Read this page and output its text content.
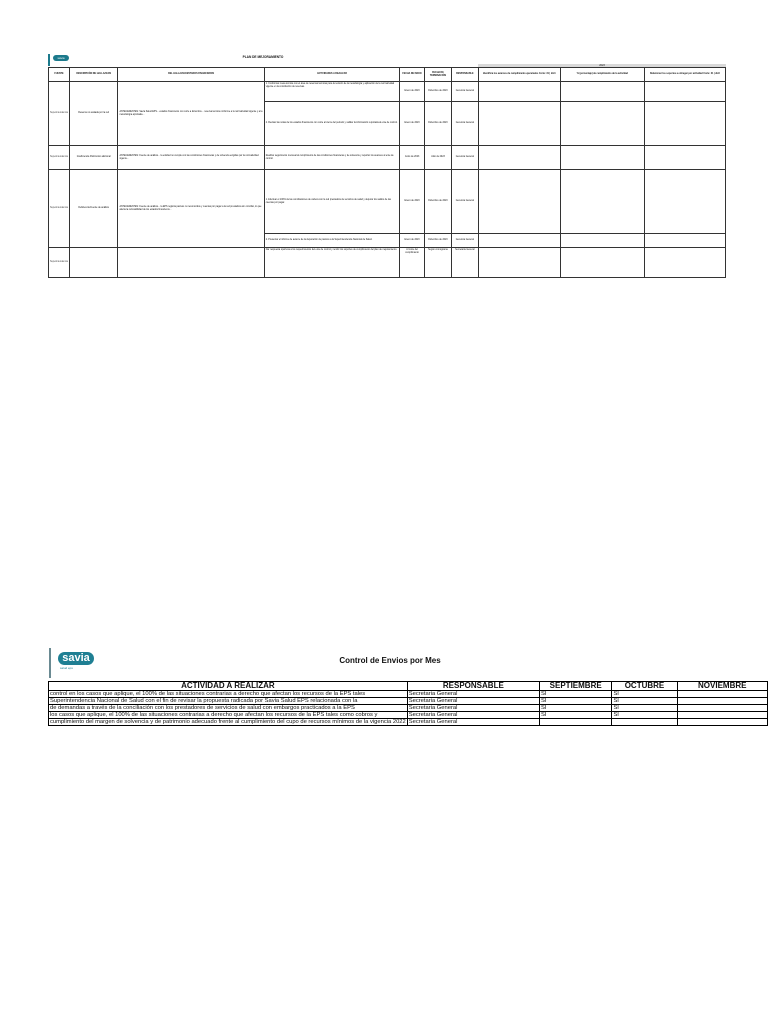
savia	PLAN DE MEJORAMIENTO
2023
FUENTE	DESCRIPCIÓN DE HALLAZGOS	DEL HALLAZGO/ESTADOS FINANCIEROS	ACTIVIDADES A REALIZAR	FECHA DE INICIO	FECHA DE TERMINACIÓN	RESPONSABLE	Identifica los avances de cumplimiento ejecutados Corte: 31 | dic/t	% (porcentaje) de cumplimiento de la actividad	Relacionar los soportes a entregar por actividad Corte: 31 | dic/t
Superintendencia	Reserva no avalada por la red	ANTECEDENTES: Savia Salud EPS... estados financieros con corte a diciembre... reserva técnica conforme a la normatividad vigente y a la metodología aprobada...	1. Conformar mesa técnica con el área de reservas técnicas para la revisión de la metodología y aplicación de la normatividad vigente en la constitución de reservas.	Enero de 2023	Diciembre de 2023	Gerencia General			
			2. Revisar las notas de los estados financieros con corte al cierre del periodo y validar la información reportada al ente de control.	Enero de 2023	Diciembre de 2023	Gerencia General			
Superintendencia	Insuficiencia Patrimonio adicional	ANTECEDENTES: Fuente de análisis... la entidad no cumple con las condiciones financieras y de solvencia exigidas por la normatividad vigente...	Realizar seguimiento mensual al cumplimiento de las condiciones financieras y de solvencia y reportar los avances al ente de control.	Junio de 2023	Julio de 2023	Gerencia General			
Superintendencia	Deficiencia Fuente de análisis	ANTECEDENTES: Fuente de análisis... la EPS registra pasivos no reconocidos y cuentas por pagar a la red prestadora sin conciliar, lo que afecta la razonabilidad de los estados financieros...	1. Efectuar el 100% de las conciliaciones de cartera con la red prestadora de servicios de salud y depurar los saldos de las cuentas por pagar.	Enero de 2023	Diciembre de 2023	Gerencia General			
			2. Presentar el informe de avance de la depuración de pasivos a la Superintendencia Nacional de Salud.	Enero de 2023	Diciembre de 2023	Gerencia General			
Superintendencia			Dar respuesta oportuna a los requerimientos del ente de control y remitir los soportes de cumplimiento del plan de mejoramiento.	Al corte del cumplimiento	Según cronograma	Secretaría General			
savia
salud eps
Control de Envios por Mes
ACTIVIDAD A REALIZAR	RESPONSABLE	SEPTIEMBRE	OCTUBRE	NOVIEMBRE
control en los casos que aplique, el 100% de las situaciones contrarias a derecho que afectan los recursos de la EPS tales	Secretaria General	SI	SI	
Superintendencia Nacional de Salud con el fin de revisar la propuesta radicada por Savia Salud EPS relacionada con la	Secretaria General	SI	SI	
de demandas a través de la conciliación con los prestadores de servicios de salud con embargos practicados a la EPS	Secretaria General	SI	SI	
los casos que aplique, el 100% de las situaciones contrarias a derecho que afectan los recursos de la EPS tales como cobros y	Secretaria General	SI	SI	
cumplimiento del margen de solvencia y de patrimonio adecuado frente al cumplimiento del cupo de recursos mínimos de la vigencia 2022	Secretaria General			
